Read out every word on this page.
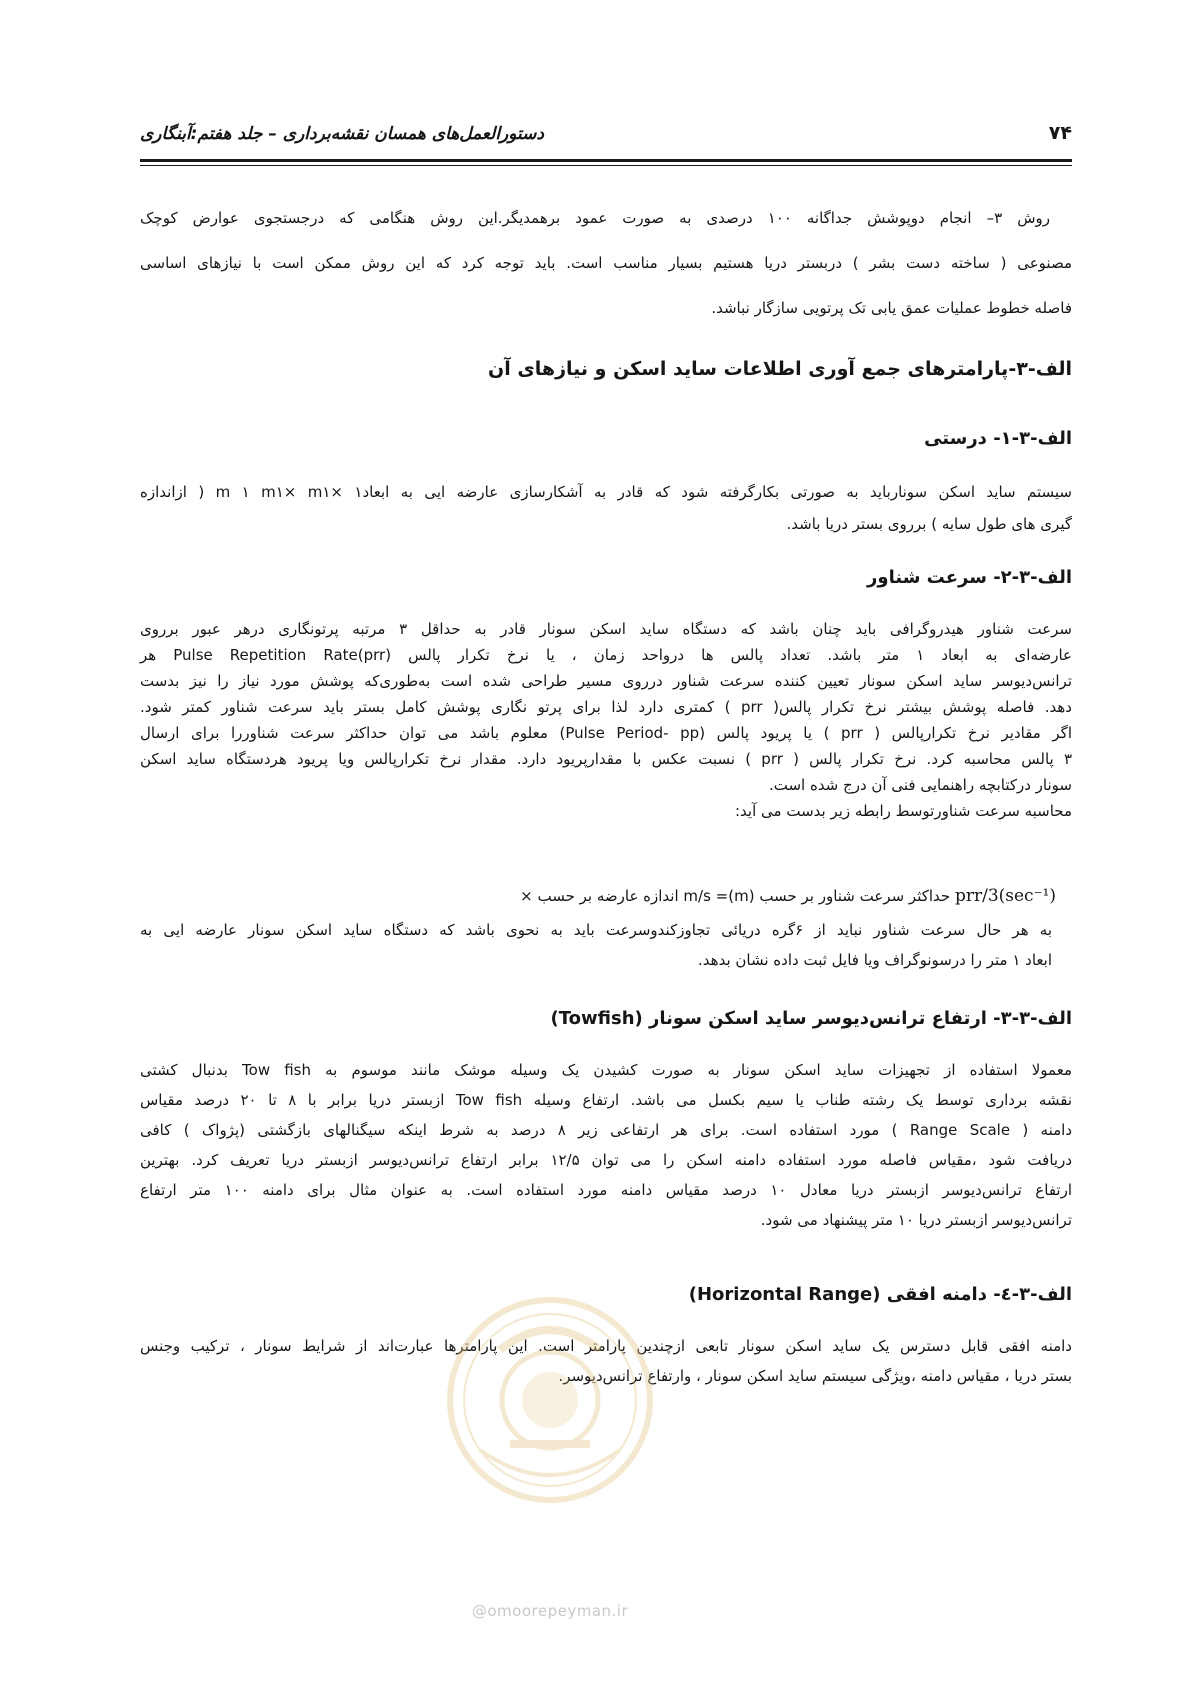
دستورالعمل‌های همسان نقشه‌برداری – جلد هفتم:آبنگاری	۷۴
روش ۳– انجام دوپوشش جداگانه ۱۰۰ درصدی به صورت عمود برهمدیگر.این روش هنگامی که درجستجوی عوارض کوچک
مصنوعی ( ساخته دست بشر ) دربستر دریا هستیم بسیار مناسب است. باید توجه کرد که این روش ممکن است با نیازهای اساسی
فاصله خطوط عملیات عمق یابی تک پرتویی سازگار نباشد.
الف-۳-پارامترهای جمع آوری اطلاعات ساید اسکن و نیازهای آن
الف-۳-۱- درستی
سیستم ساید اسکن سونارباید به صورتی بکارگرفته شود که قادر به آشکارسازی عارضه ایی به ابعادm ۱ m۱× m۱× ۱ ( ازاندازه
گیری های طول سایه ) برروی بستر دریا باشد.
الف-۳-۲- سرعت شناور
سرعت شناور هیدروگرافی باید چنان باشد که دستگاه ساید اسکن سونار قادر به حداقل ۳ مرتبه پرتونگاری درهر عبور برروی
عارضه‌ای به ابعاد ۱ متر باشد. تعداد پالس ها درواحد زمان ، یا نرخ تکرار پالس (Pulse Repetition Rate(prr هر
ترانس‌دیوسر ساید اسکن سونار تعیین کننده سرعت شناور درروی مسیر طراحی شده است به‌طوری‌که پوشش مورد نیاز را نیز بدست
دهد. فاصله پوشش بیشتر نرخ تکرار پالس( prr ) کمتری دارد لذا برای پرتو نگاری پوشش کامل بستر باید سرعت شناور کمتر شود.
اگر مقادیر نرخ تکرارپالس ( prr ) یا پریود پالس (Pulse Period- pp) معلوم باشد می توان حداکثر سرعت شناوررا برای ارسال
۳ پالس محاسبه کرد. نرخ تکرار پالس ( prr ) نسبت عکس با مقدارپریود دارد. مقدار نرخ تکرارپالس ویا پریود هردستگاه ساید اسکن
سونار درکتابچه راهنمایی فنی آن درج شده است.
محاسبه سرعت شناورتوسط رابطه زیر بدست می آید:
prr/3(sec⁻¹) حداکثر سرعت شناور بر حسب m/s =(m) اندازه عارضه بر حسب ×
به هر حال سرعت شناور نباید از ۶گره دریائی تجاوزکندوسرعت باید به نحوی باشد که دستگاه ساید اسکن سونار عارضه ایی به
ابعاد ۱ متر را درسونوگراف ویا فایل ثبت داده نشان بدهد.
الف-۳-۳- ارتفاع ترانس‌دیوسر ساید اسکن سونار (Towfish)
معمولا استفاده از تجهیزات ساید اسکن سونار به صورت کشیدن یک وسیله موشک مانند موسوم به Tow fish بدنبال کشتی
نقشه برداری توسط یک رشته طناب یا سیم بکسل می باشد. ارتفاع وسیله Tow fish ازبستر دریا برابر با ۸ تا ۲۰ درصد مقیاس
دامنه ( Range Scale ) مورد استفاده است. برای هر ارتفاعی زیر ۸ درصد به شرط اینکه سیگنالهای بازگشتی (پژواک ) کافی
دریافت شود ،مقیاس فاصله مورد استفاده دامنه اسکن را می توان ۱۲/۵ برابر ارتفاع ترانس‌دیوسر ازبستر دریا تعریف کرد. بهترین
ارتفاع ترانس‌دیوسر ازبستر دریا معادل ۱۰ درصد مقیاس دامنه مورد استفاده است. به عنوان مثال برای دامنه ۱۰۰ متر ارتفاع
ترانس‌دیوسر ازبستر دریا ۱۰ متر پیشنهاد می شود.
الف-۳-٤- دامنه افقی (Horizontal Range)
دامنه افقی قابل دسترس یک ساید اسکن سونار تابعی ازچندین پارامتر است. این پارامترها عبارت‌اند از شرایط سونار ، ترکیب وجنس
بستر دریا ، مقیاس دامنه ،ویژگی سیستم ساید اسکن سونار ، وارتفاع ترانس‌دیوسر.
@omoorepeyman.ir
